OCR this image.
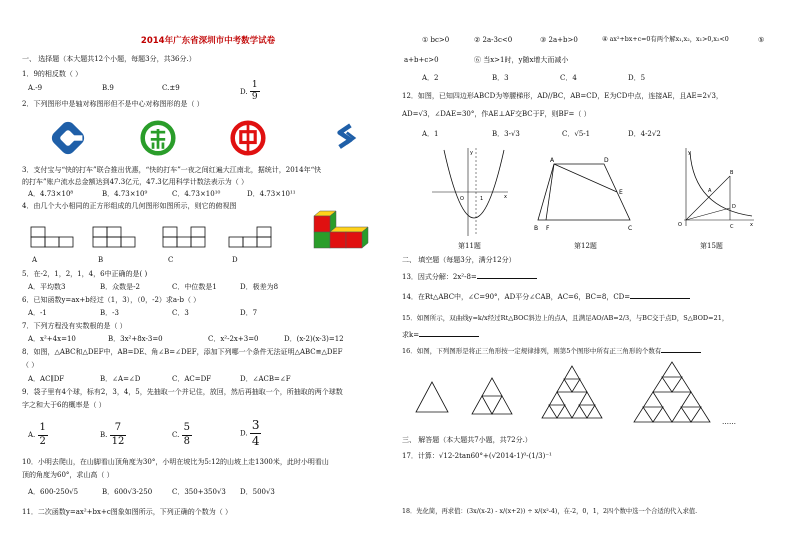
2014年广东省深圳市中考数学试卷
一、 选择题（本大题共12个小题，每题3分，共36分.）
1．9的相反数（ ）
A.-9	B.9	C.±9	D. $\frac{1}{9}$
2．下列图形中是轴对称图形但不是中心对称图形的是（ ）
3．支付宝与“快的打车”联合推出优惠，“快的打车”一夜之间红遍大江南北，据统计，2014年“快
的打车”账户流水总金额达到47.3亿元，47.3亿用科学计数法表示为（ ）
A．4.73×10⁸	B．4.73×10⁹	C．4.73×10¹⁰	D．4.73×10¹¹
4．由几个大小相同的正方形组成的几何图形如图所示，则它的俯视图
A	B	C	D
5．在-2，1，2，1，4，6中正确的是( )
A．平均数3	B．众数是-2	C．中位数是1	D．极差为8
6．已知函数y=ax+b经过（1，3），（0，-2）求a-b（ ）
A．-1	B．-3	C．3	D．7
7．下列方程没有实数根的是（ ）
A．x²+4x=10	B．3x²+8x-3=0	C．x²-2x+3=0	D．(x-2)(x-3)=12
8．如图，△ABC和△DEF中，AB=DE、角∠B=∠DEF，添加下列哪一个条件无法证明△ABC≌△DEF
（ ）
A．AC∥DF	B．∠A=∠D	C．AC=DF	D．∠ACB=∠F
9．袋子里有4个球，标有2，3，4，5，先抽取一个并记住，放回，然后再抽取一个，所抽取的两个球数
字之和大于6的概率是（ ）
A. $\frac{1}{2}$	B. $\frac{7}{12}$	C. $\frac{5}{8}$	D. $\frac{3}{4}$
10．小明去爬山，在山脚看山顶角度为30°，小明在坡比为5:12的山坡上走1300米，此时小明看山
顶的角度为60°，求山高（ ）
A．600-250√5	B．600√3-250	C．350+350√3 D．500√3
11．二次函数y=ax²+bx+c图象如图所示，下列正确的个数为（ ）
① bc>0	② 2a-3c<0	③ 2a+b>0	④ ax²+bx+c=0有两个解x₁,x₂，x₁>0,x₂<0	⑤
a+b+c>0	⑥ 当x>1时，y随x增大而减小
A．2	B．3	C．4	D．5
12．如图，已知四边形ABCD为等腰梯形，AD//BC，AB=CD，E为CD中点，连接AE，且AE=2√3，
AD=√3，∠DAE=30°，作AE⊥AF交BC于F，则BF=（ ）
A．1	B．3-√3	C．√5-1	D．4-2√2
O	1	x
y
第11题
A	D
E
B F	C
第12题
O
y
x
B
C
A
D
第15题
二、 填空题（每题3分，满分12分）
13．因式分解：2x²-8=
14．在Rt△ABC中，∠C=90°，AD平分∠CAB，AC=6，BC=8，CD=
15．如图所示，双曲线y=k/x经过Rt△BOC斜边上的点A，且满足AO/AB=2/3，与BC交于点D，S△BOD=21，
求k=
16．如图，下列图形是将正三角形按一定规律排列，则第5个图形中所有正三角形的个数有
……
三、 解答题（本大题共7小题，共72分.）
17．计算：√12-2tan60°+(√2014-1)⁰-(1/3)⁻¹
18．先化简，再求值：(3x/(x-2) - x/(x+2)) ÷ x/(x²-4)，在-2，0，1，2四个数中选一个合适的代入求值.
